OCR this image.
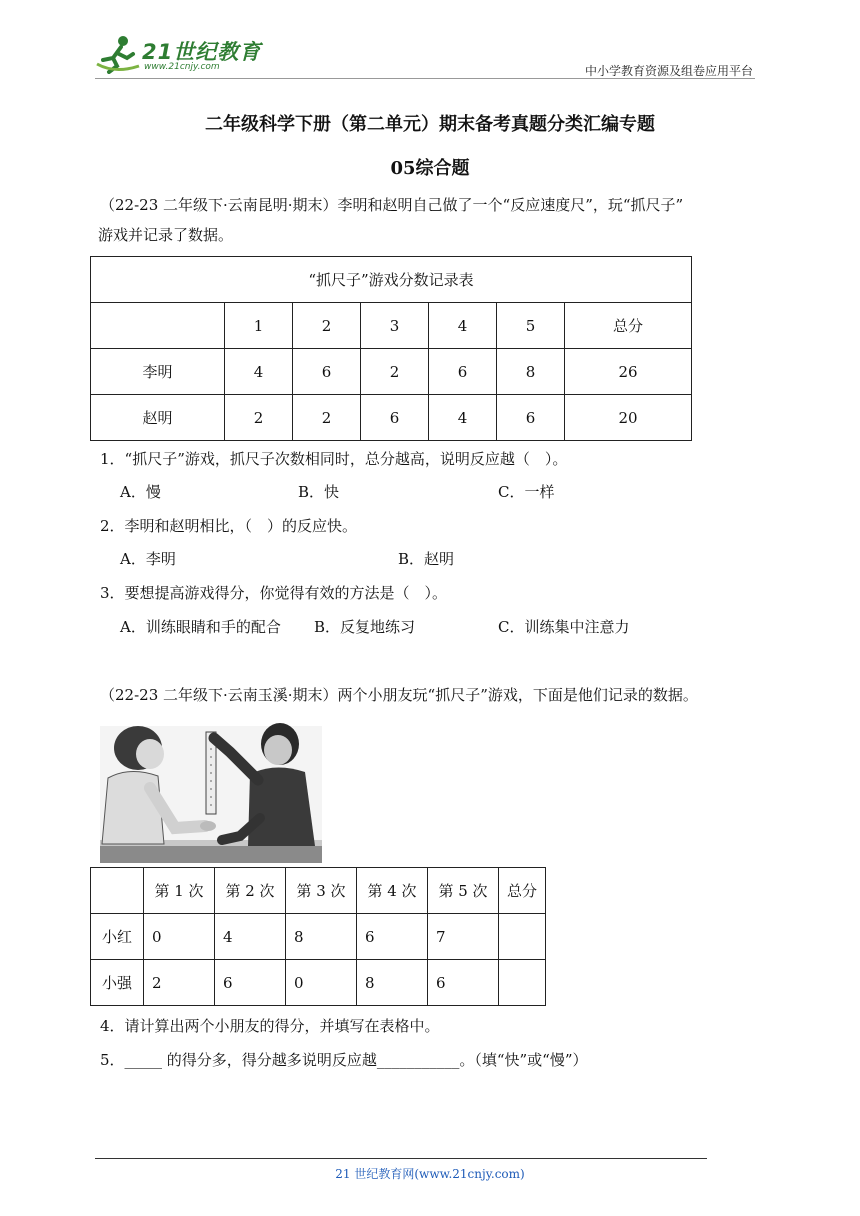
21世纪教育
www.21cnjy.com	中小学教育资源及组卷应用平台
二年级科学下册（第二单元）期末备考真题分类汇编专题
05综合题
（22-23 二年级下·云南昆明·期末）李明和赵明自己做了一个“反应速度尺”，玩“抓尺子”
游戏并记录了数据。
“抓尺子”游戏分数记录表						
	1	2	3	4	5	总分
李明	4	6	2	6	8	26
赵明	2	2	6	4	6	20
1．“抓尺子”游戏，抓尺子次数相同时，总分越高，说明反应越（　）。
A．慢	B．快	C．一样
2．李明和赵明相比，（　）的反应快。
A．李明	B．赵明
3．要想提高游戏得分，你觉得有效的方法是（　）。
A．训练眼睛和手的配合 B．反复地练习	C．训练集中注意力
（22-23 二年级下·云南玉溪·期末）两个小朋友玩“抓尺子”游戏，下面是他们记录的数据。
	第 1 次	第 2 次	第 3 次	第 4 次	第 5 次	总分
小红	0	4	8	6	7	
小强	2	6	0	8	6	
4．请计算出两个小朋友的得分，并填写在表格中。
5．_____ 的得分多，得分越多说明反应越___________。（填“快”或“慢”）
21 世纪教育网(www.21cnjy.com)
